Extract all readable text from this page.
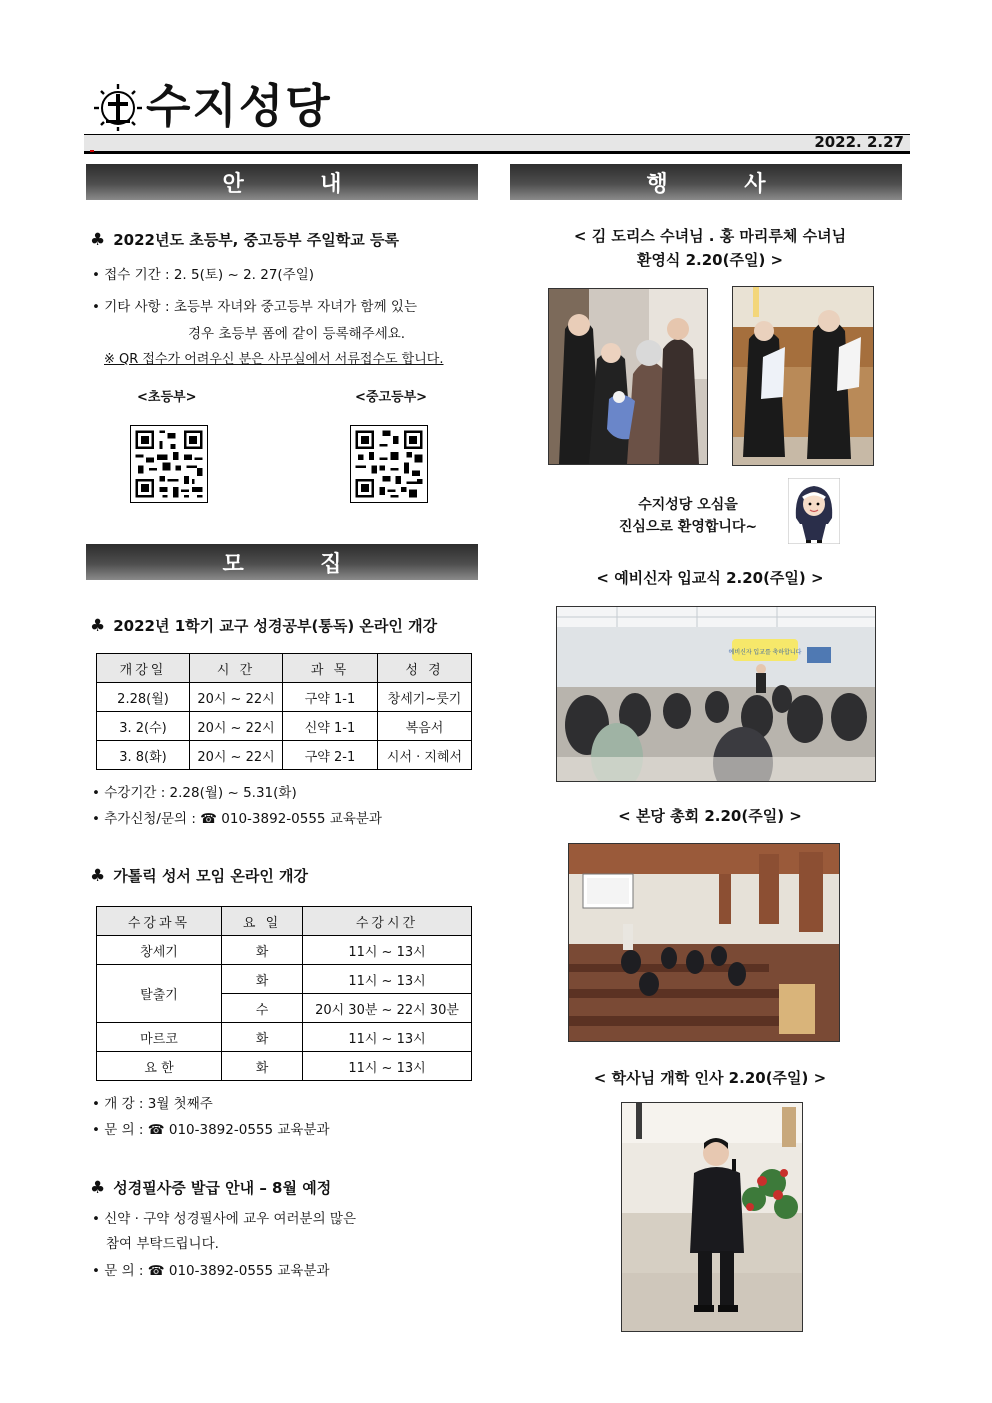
수지성당
2022. 2.27
안          내
♣ 2022년도 초등부, 중고등부 주일학교 등록
• 접수 기간 : 2. 5(토) ~ 2. 27(주일)
• 기타 사항 : 초등부 자녀와 중고등부 자녀가 함께 있는
경우 초등부 폼에 같이 등록해주세요.
※ QR 접수가 어려우신 분은 사무실에서 서류접수도 합니다.
<초등부>	<중고등부>
모          집
♣ 2022년 1학기 교구 성경공부(통독) 온라인 개강
개강일	시 간	과 목	성 경
2.28(월)	20시 ~ 22시	구약 1-1	창세기~룻기
3. 2(수)	20시 ~ 22시	신약 1-1	복음서
3. 8(화)	20시 ~ 22시	구약 2-1	시서 · 지혜서
• 수강기간 : 2.28(월) ~ 5.31(화)
• 추가신청/문의 : ☎ 010-3892-0555 교육분과
♣ 가톨릭 성서 모임 온라인 개강
수강과목	요 일	수강시간
창세기	화	11시 ~ 13시
탈출기	화	11시 ~ 13시
	수	20시 30분 ~ 22시 30분
마르코	화	11시 ~ 13시
요 한	화	11시 ~ 13시
• 개 강 : 3월 첫째주
• 문 의 : ☎ 010-3892-0555 교육분과
♣ 성경필사증 발급 안내 – 8월 예정
• 신약 · 구약 성경필사에 교우 여러분의 많은
참여 부탁드립니다.
• 문 의 : ☎ 010-3892-0555 교육분과
행          사
< 김 도리스 수녀님 . 홍 마리루체 수녀님
환영식 2.20(주일) >
수지성당 오심을
진심으로 환영합니다~
< 예비신자 입교식 2.20(주일) >
예비신자 입교를 축하합니다
< 본당 총회 2.20(주일) >
< 학사님 개학 인사 2.20(주일) >
